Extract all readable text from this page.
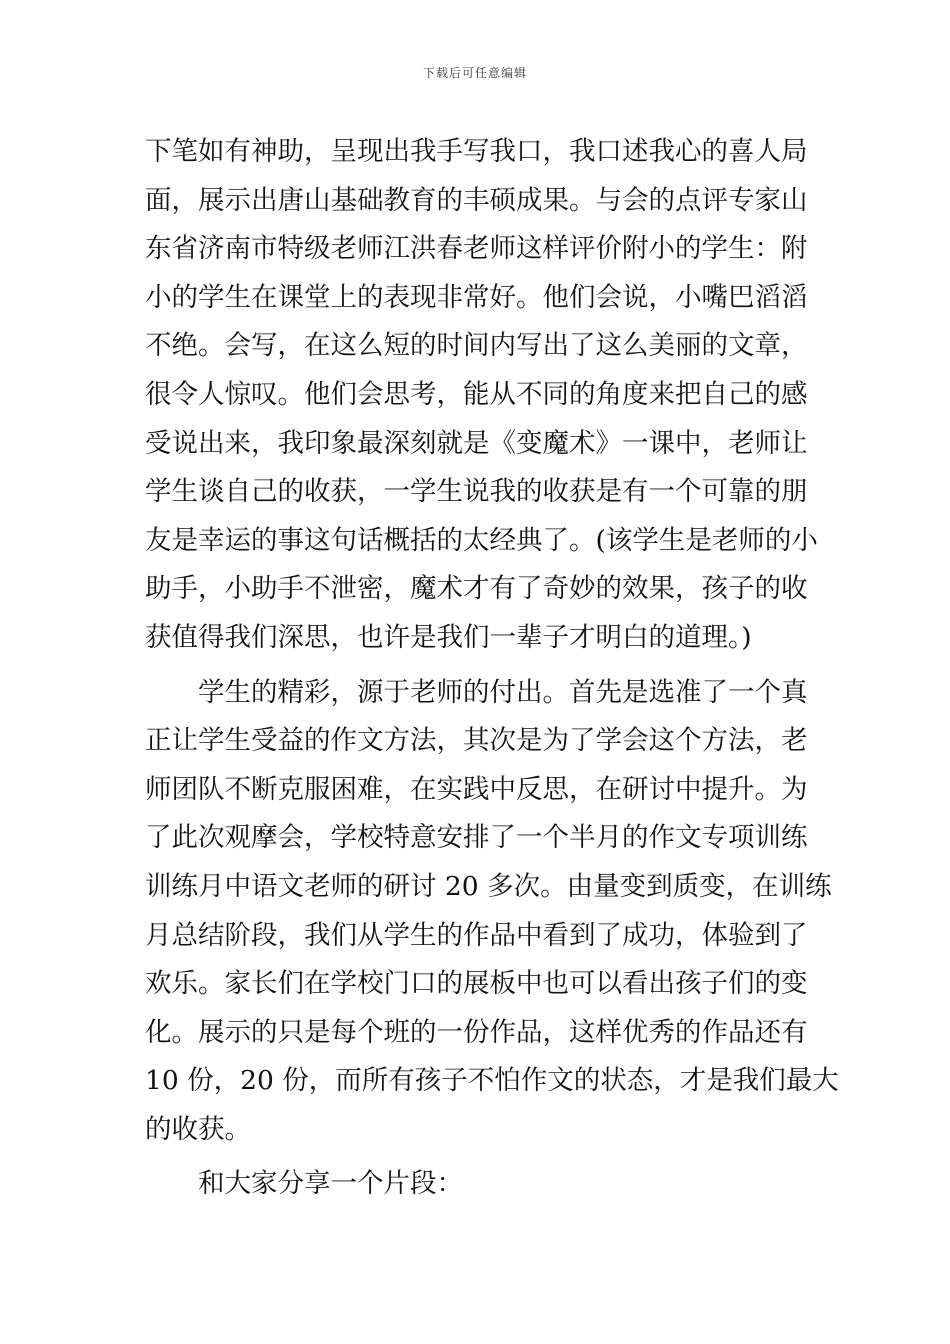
下载后可任意编辑
下笔如有神助，呈现出我手写我口，我口述我心的喜人局
面，展示出唐山基础教育的丰硕成果。与会的点评专家山
东省济南市特级老师江洪春老师这样评价附小的学生：附
小的学生在课堂上的表现非常好。他们会说，小嘴巴滔滔
不绝。会写，在这么短的时间内写出了这么美丽的文章，
很令人惊叹。他们会思考，能从不同的角度来把自己的感
受说出来，我印象最深刻就是《变魔术》一课中，老师让
学生谈自己的收获，一学生说我的收获是有一个可靠的朋
友是幸运的事这句话概括的太经典了。(该学生是老师的小
助手，小助手不泄密，魔术才有了奇妙的效果，孩子的收
获值得我们深思，也许是我们一辈子才明白的道理。)
学生的精彩，源于老师的付出。首先是选准了一个真
正让学生受益的作文方法，其次是为了学会这个方法，老
师团队不断克服困难，在实践中反思，在研讨中提升。为
了此次观摩会，学校特意安排了一个半月的作文专项训练
训练月中语文老师的研讨 20 多次。由量变到质变，在训练
月总结阶段，我们从学生的作品中看到了成功，体验到了
欢乐。家长们在学校门口的展板中也可以看出孩子们的变
化。展示的只是每个班的一份作品，这样优秀的作品还有
10 份，20 份，而所有孩子不怕作文的状态，才是我们最大
的收获。
和大家分享一个片段：
